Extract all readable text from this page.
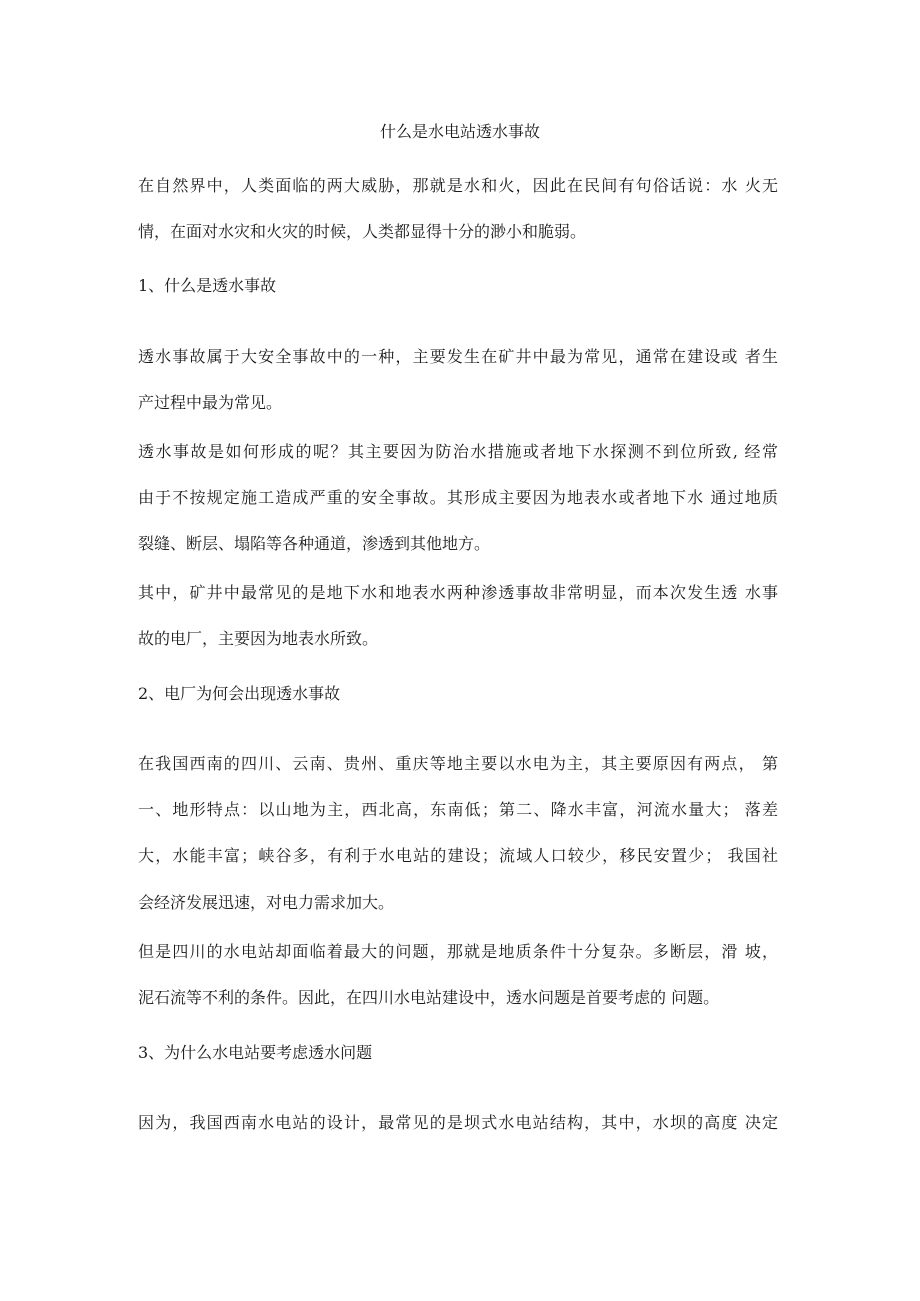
什么是水电站透水事故
在自然界中，人类面临的两大威胁，那就是水和火，因此在民间有句俗话说：水 火无
情，在面对水灾和火灾的时候，人类都显得十分的渺小和脆弱。
1、什么是透水事故
透水事故属于大安全事故中的一种，主要发生在矿井中最为常见，通常在建设或 者生
产过程中最为常见。
透水事故是如何形成的呢？其主要因为防治水措施或者地下水探测不到位所致, 经常
由于不按规定施工造成严重的安全事故。其形成主要因为地表水或者地下水 通过地质
裂缝、断层、塌陷等各种通道，渗透到其他地方。
其中，矿井中最常见的是地下水和地表水两种渗透事故非常明显，而本次发生透 水事
故的电厂，主要因为地表水所致。
2、电厂为何会出现透水事故
在我国西南的四川、云南、贵州、重庆等地主要以水电为主，其主要原因有两点， 第
一、地形特点：以山地为主，西北高，东南低；第二、降水丰富，河流水量大； 落差
大，水能丰富；峡谷多，有利于水电站的建设；流域人口较少，移民安置少； 我国社
会经济发展迅速，对电力需求加大。
但是四川的水电站却面临着最大的问题，那就是地质条件十分复杂。多断层，滑 坡，
泥石流等不利的条件。因此，在四川水电站建设中，透水问题是首要考虑的 问题。
3、为什么水电站要考虑透水问题
因为，我国西南水电站的设计，最常见的是坝式水电站结构，其中，水坝的高度 决定
